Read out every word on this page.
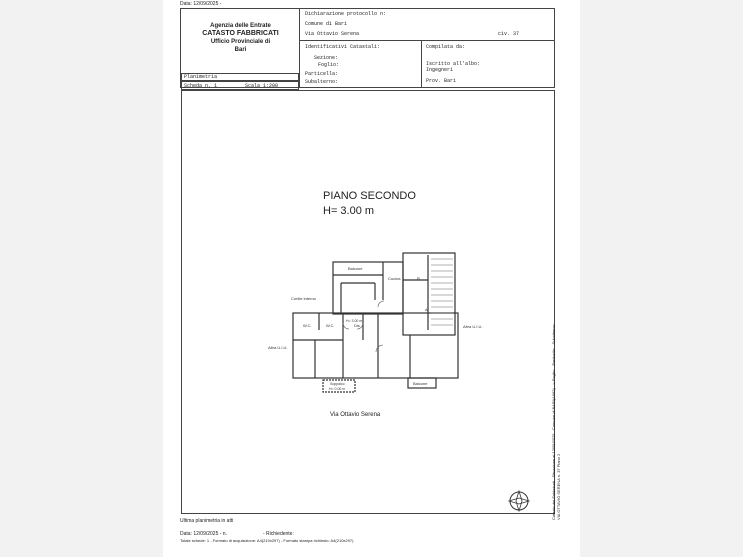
Data: 12/09/2025 -
Agenzia delle Entrate
CATASTO FABBRICATI
Ufficio Provinciale di
Bari
Dichiarazione protocollo n:
Comune di Bari
Via Ottavio Serena	civ. 37
Identificativi Catastali:
Sezione:
Foglio:
Particella:
Subalterno:
Compilata da:
Iscritto all'albo:
Ingegneri
Prov. Bari
Planimetria
Scheda n. 1	Scala 1:200
PIANO SECONDO
H= 3.00 m
Balcone
Cucina	R
Cortile interno
W.C.	W.C.
H= 3.00 m
Dis
Altra U.I.U.
Altra U.I.U.
Soppalco
H= 0.00 m
Balcone
A
Via Ottavio Serena	Catasto dei Fabbricati - Situazione al 12/09/2025 - Comune di BARI(A662) - < Foglio: - Particella: - Subalterno: VIA OTTAVIO SERENA n. 37 Piano 2
Ultima planimetria in atti
Data: 12/09/2025 - n.	- Richiedente:
Totale schede: 1 - Formato di acquisizione: A4(210x297) - Formato stampa richiesto: A4(210x297)
